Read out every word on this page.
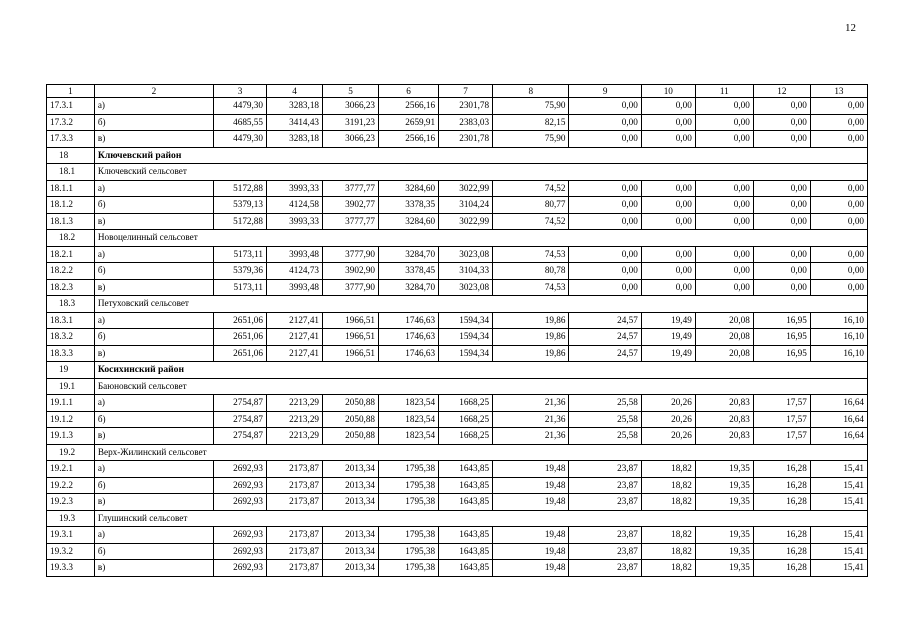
12
1	2	3	4	5	6	7	8	9	10	11	12	13
17.3.1	а)	4479,30	3283,18	3066,23	2566,16	2301,78	75,90	0,00	0,00	0,00	0,00	0,00
17.3.2	б)	4685,55	3414,43	3191,23	2659,91	2383,03	82,15	0,00	0,00	0,00	0,00	0,00
17.3.3	в)	4479,30	3283,18	3066,23	2566,16	2301,78	75,90	0,00	0,00	0,00	0,00	0,00
18	Ключевский район											
18.1	Ключевский сельсовет											
18.1.1	а)	5172,88	3993,33	3777,77	3284,60	3022,99	74,52	0,00	0,00	0,00	0,00	0,00
18.1.2	б)	5379,13	4124,58	3902,77	3378,35	3104,24	80,77	0,00	0,00	0,00	0,00	0,00
18.1.3	в)	5172,88	3993,33	3777,77	3284,60	3022,99	74,52	0,00	0,00	0,00	0,00	0,00
18.2	Новоцелинный сельсовет											
18.2.1	а)	5173,11	3993,48	3777,90	3284,70	3023,08	74,53	0,00	0,00	0,00	0,00	0,00
18.2.2	б)	5379,36	4124,73	3902,90	3378,45	3104,33	80,78	0,00	0,00	0,00	0,00	0,00
18.2.3	в)	5173,11	3993,48	3777,90	3284,70	3023,08	74,53	0,00	0,00	0,00	0,00	0,00
18.3	Петуховский сельсовет											
18.3.1	а)	2651,06	2127,41	1966,51	1746,63	1594,34	19,86	24,57	19,49	20,08	16,95	16,10
18.3.2	б)	2651,06	2127,41	1966,51	1746,63	1594,34	19,86	24,57	19,49	20,08	16,95	16,10
18.3.3	в)	2651,06	2127,41	1966,51	1746,63	1594,34	19,86	24,57	19,49	20,08	16,95	16,10
19	Косихинский район											
19.1	Баюновский сельсовет											
19.1.1	а)	2754,87	2213,29	2050,88	1823,54	1668,25	21,36	25,58	20,26	20,83	17,57	16,64
19.1.2	б)	2754,87	2213,29	2050,88	1823,54	1668,25	21,36	25,58	20,26	20,83	17,57	16,64
19.1.3	в)	2754,87	2213,29	2050,88	1823,54	1668,25	21,36	25,58	20,26	20,83	17,57	16,64
19.2	Верх-Жилинский сельсовет											
19.2.1	а)	2692,93	2173,87	2013,34	1795,38	1643,85	19,48	23,87	18,82	19,35	16,28	15,41
19.2.2	б)	2692,93	2173,87	2013,34	1795,38	1643,85	19,48	23,87	18,82	19,35	16,28	15,41
19.2.3	в)	2692,93	2173,87	2013,34	1795,38	1643,85	19,48	23,87	18,82	19,35	16,28	15,41
19.3	Глушинский сельсовет											
19.3.1	а)	2692,93	2173,87	2013,34	1795,38	1643,85	19,48	23,87	18,82	19,35	16,28	15,41
19.3.2	б)	2692,93	2173,87	2013,34	1795,38	1643,85	19,48	23,87	18,82	19,35	16,28	15,41
19.3.3	в)	2692,93	2173,87	2013,34	1795,38	1643,85	19,48	23,87	18,82	19,35	16,28	15,41
